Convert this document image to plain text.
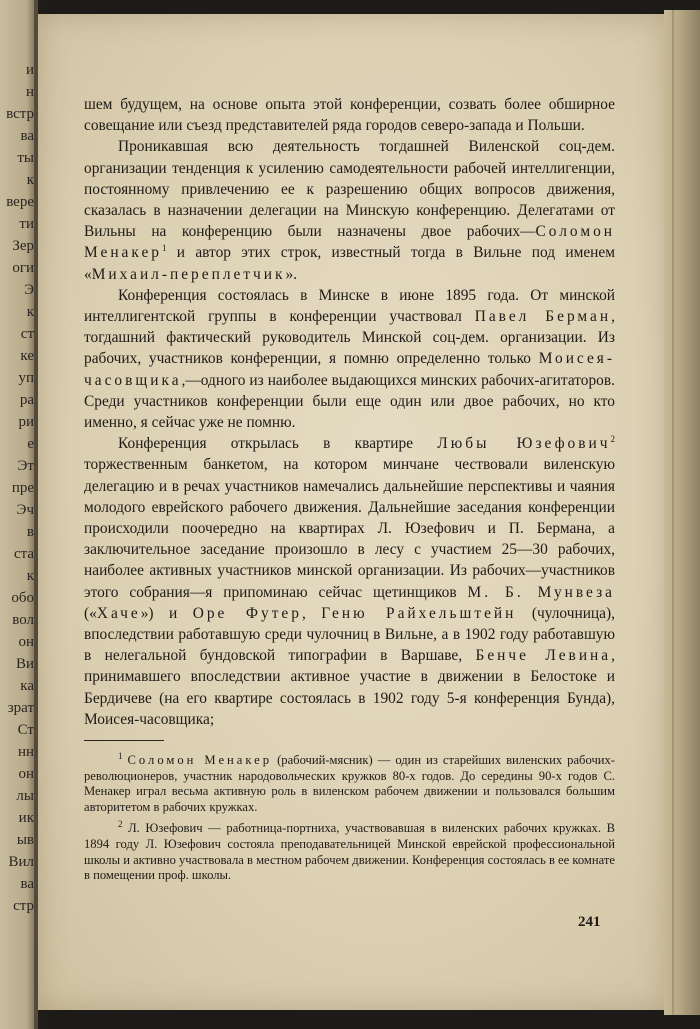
и
н
встр
ва
ты
к
вере
ти
Зер
оги
Э
к
ст
ке
уп
ра
ри
е
Эт
пре
Эч
в
ста
к
обо
вол
он
Ви
ка
зрат
Ст
нн
он
лы
ик
ыв
Вил
ва
стр

шем будущем, на основе опыта этой конференции, созвать более обширное совещание или съезд представителей ряда городов северо-запада и Польши.

Проникавшая всю деятельность тогдашней Виленской соц-дем. организации тенденция к усилению самодеятельности рабочей интеллигенции, постоянному привлечению ее к разрешению общих вопросов движения, сказалась в назначении делегации на Минскую конференцию. Делегатами от Вильны на конференцию были назначены двое рабочих—Соломон Менакер$^1$ и автор этих строк, известный тогда в Вильне под именем «Михаил-переплетчик».

Конференция состоялась в Минске в июне 1895 года. От минской интеллигентской группы в конференции участвовал Павел Берман, тогдашний фактический руководитель Минской соц-дем. организации. Из рабочих, участников конференции, я помню определенно только Моисея-часовщика,—одного из наиболее выдающихся минских рабочих-агитаторов. Среди участников конференции были еще один или двое рабочих, но кто именно, я сейчас уже не помню.

Конференция открылась в квартире Любы Юзефович$^2$ торжественным банкетом, на котором минчане чествовали виленскую делегацию и в речах участников намечались дальнейшие перспективы и чаяния молодого еврейского рабочего движения. Дальнейшие заседания конференции происходили поочередно на квартирах Л. Юзефович и П. Бермана, а заключительное заседание произошло в лесу с участием 25—30 рабочих, наиболее активных участников минской организации. Из рабочих—участников этого собрания—я припоминаю сейчас щетинщиков М. Б. Мунвеза («Хаче») и Ope Футер, Геню Райхельштейн (чулочница), впоследствии работавшую среди чулочниц в Вильне, а в 1902 году работавшую в нелегальной бундовской типографии в Варшаве, Бенче Левина, принимавшего впоследствии активное участие в движении в Белостоке и Бердичеве (на его квартире состоялась в 1902 году 5-я конференция Бунда), Моисея-часовщика;

$^1$ Соломон Менакер (рабочий-мясник) — один из старейших виленских рабочих-революционеров, участник народовольческих кружков 80-х годов. До середины 90-х годов С. Менакер играл весьма активную роль в виленском рабочем движении и пользовался большим авторитетом в рабочих кружках.

$^2$ Л. Юзефович — работница-портниха, участвовавшая в виленских рабочих кружках. В 1894 году Л. Юзефович состояла преподавательницей Минской еврейской профессиональной школы и активно участвовала в местном рабочем движении. Конференция состоялась в ее комнате в помещении проф. школы.

241
